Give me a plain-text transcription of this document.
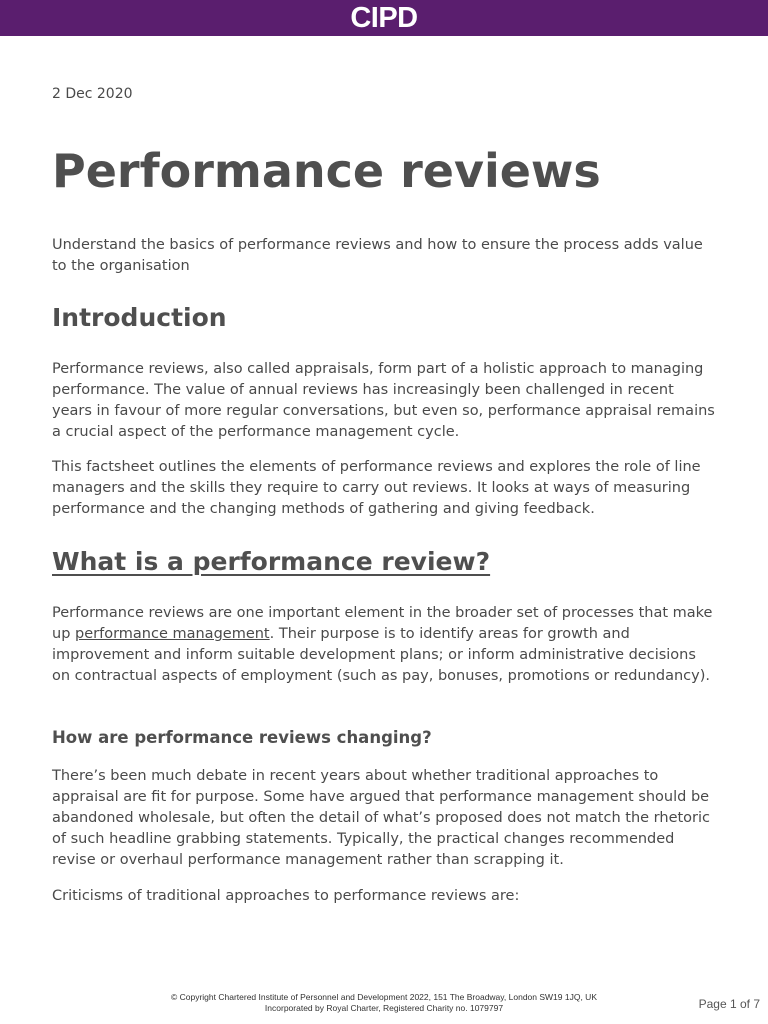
CIPD
2 Dec 2020
Performance reviews

Understand the basics of performance reviews and how to ensure the process adds value to the organisation

Introduction

Performance reviews, also called appraisals, form part of a holistic approach to managing performance. The value of annual reviews has increasingly been challenged in recent years in favour of more regular conversations, but even so, performance appraisal remains a crucial aspect of the performance management cycle.

This factsheet outlines the elements of performance reviews and explores the role of line managers and the skills they require to carry out reviews. It looks at ways of measuring performance and the changing methods of gathering and giving feedback.

What is a performance review?

Performance reviews are one important element in the broader set of processes that make up performance management. Their purpose is to identify areas for growth and improvement and inform suitable development plans; or inform administrative decisions on contractual aspects of employment (such as pay, bonuses, promotions or redundancy).

How are performance reviews changing?

There’s been much debate in recent years about whether traditional approaches to appraisal are fit for purpose. Some have argued that performance management should be abandoned wholesale, but often the detail of what’s proposed does not match the rhetoric of such headline grabbing statements. Typically, the practical changes recommended revise or overhaul performance management rather than scrapping it.

Criticisms of traditional approaches to performance reviews are:

© Copyright Chartered Institute of Personnel and Development 2022, 151 The Broadway, London SW19 1JQ, UK
Incorporated by Royal Charter, Registered Charity no. 1079797	Page 1 of 7
